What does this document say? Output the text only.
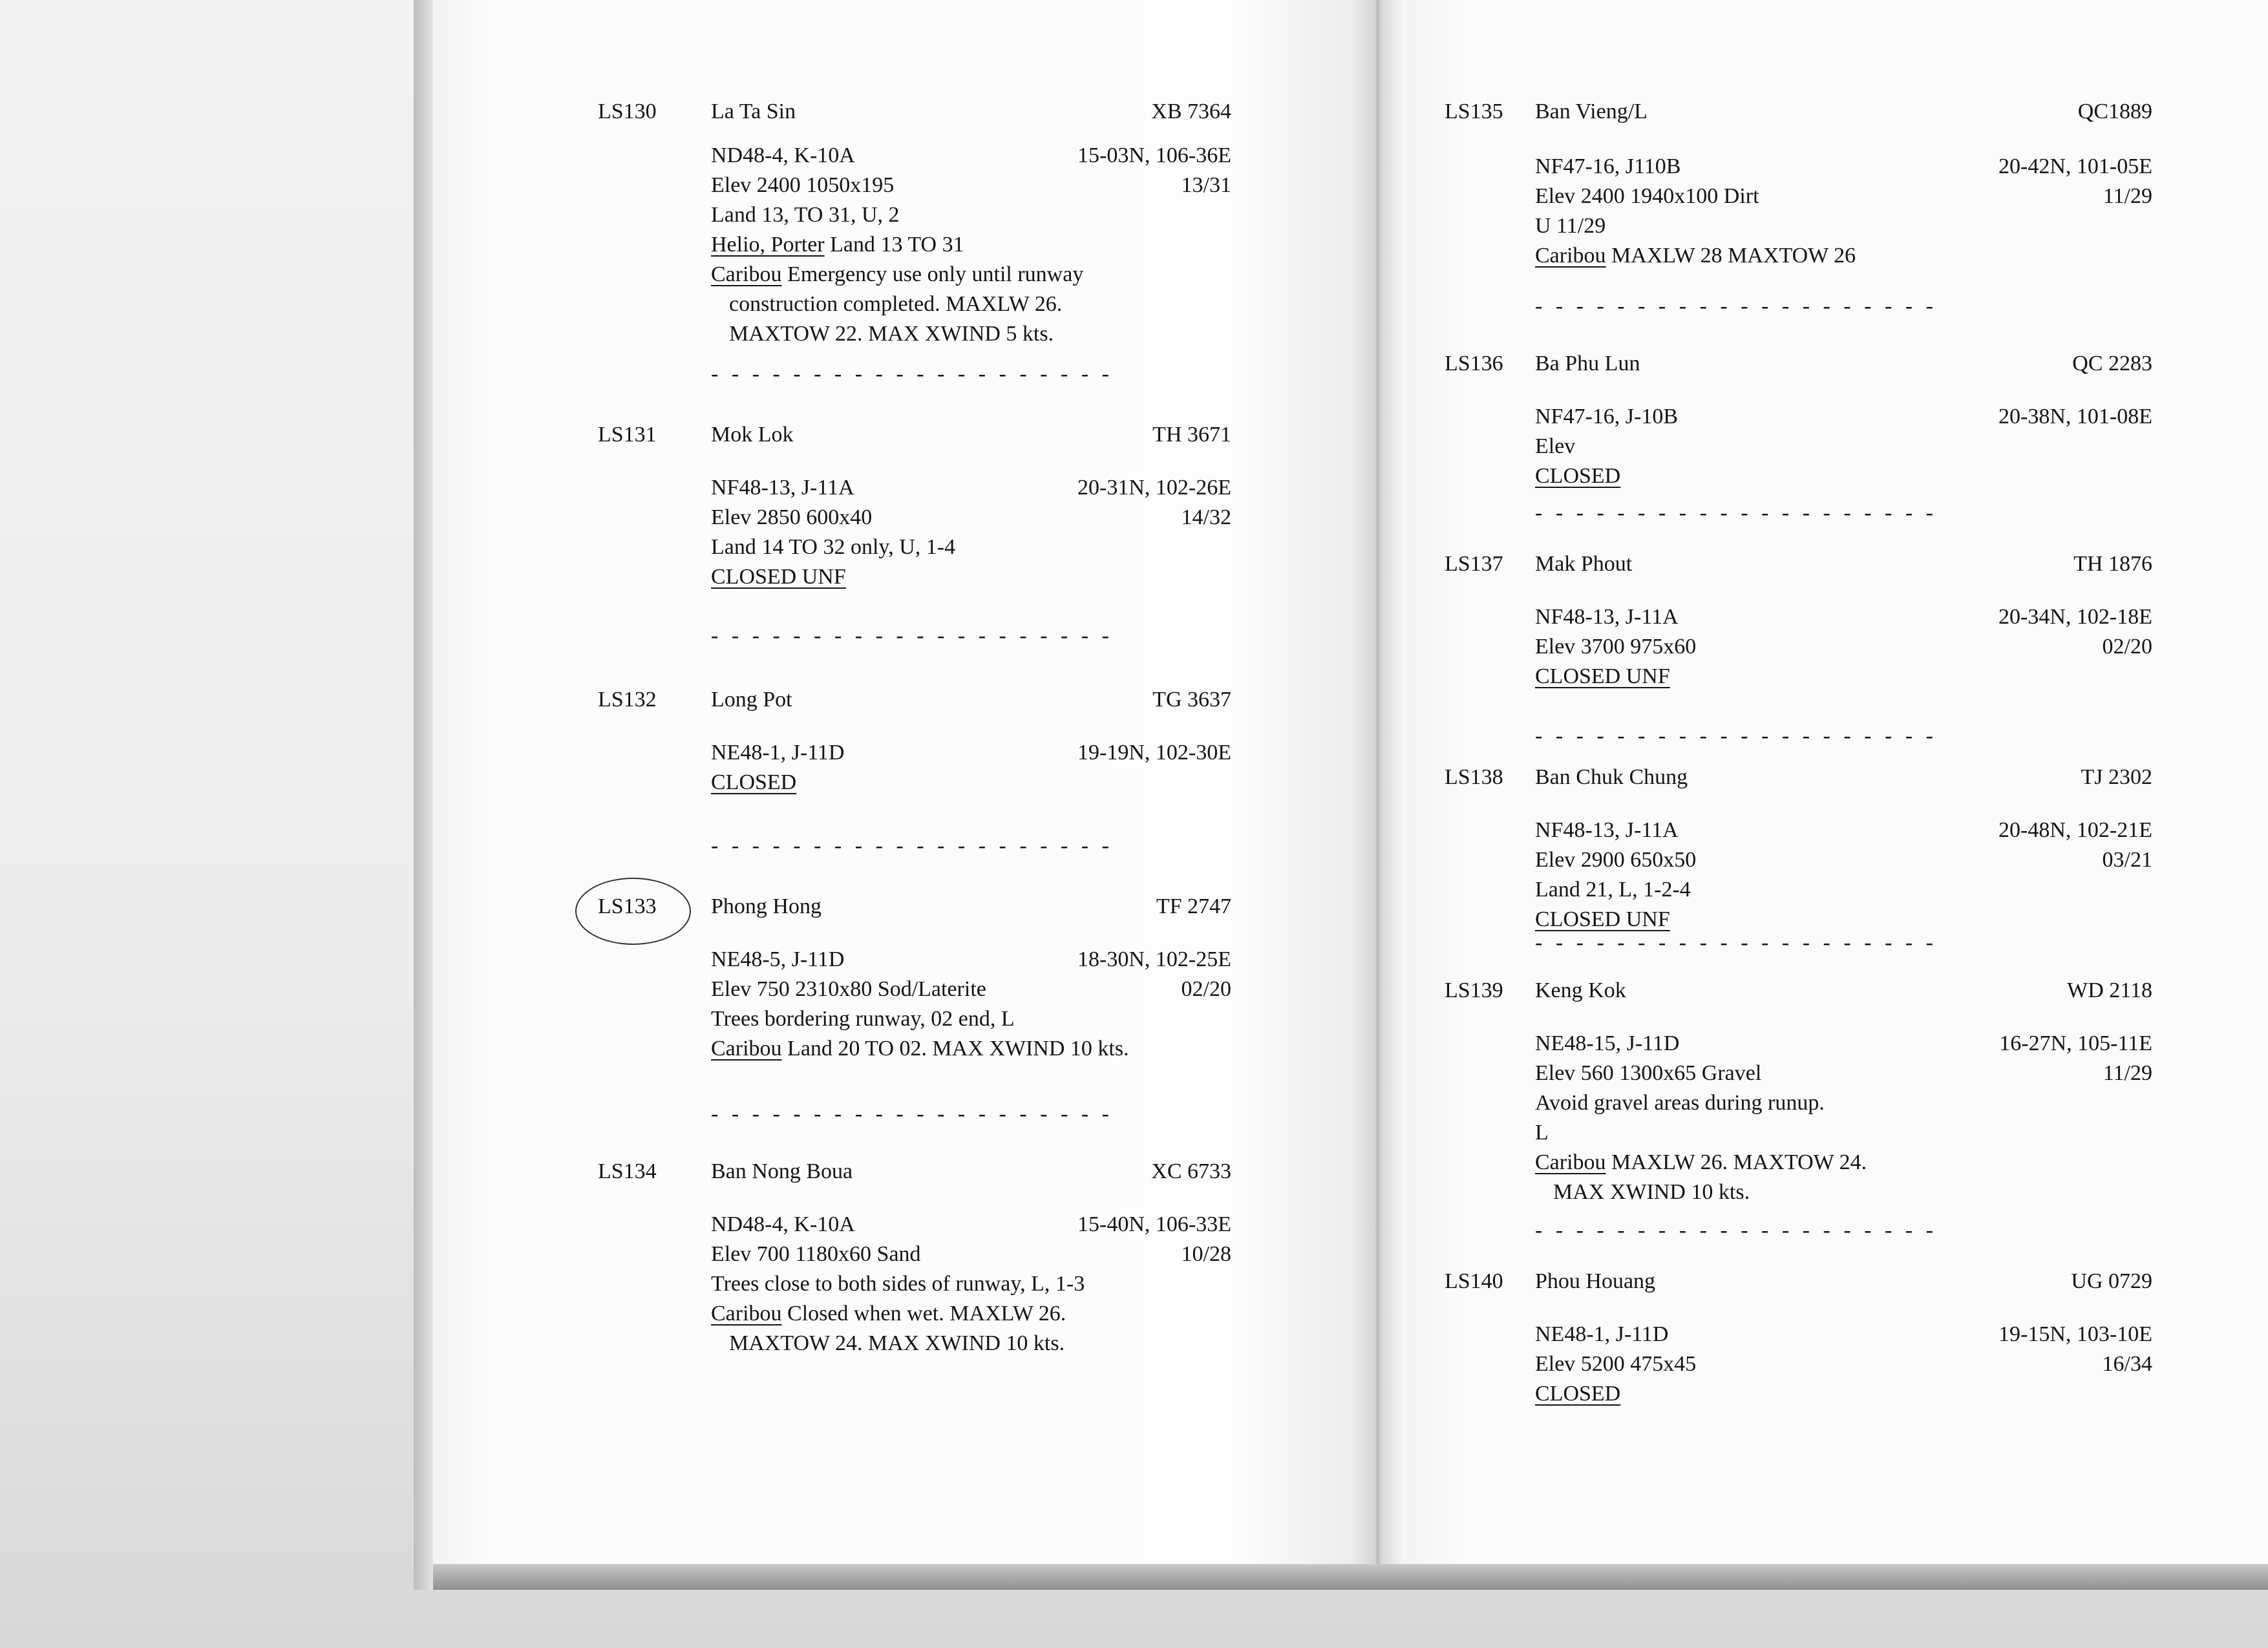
LS130 La Ta Sin	XB 7364
ND48-4, K-10A	15-03N, 106-36E
Elev 2400 1050x195	13/31
Land 13, TO 31, U, 2
Helio, Porter Land 13 TO 31
Caribou Emergency use only until runway
construction completed. MAXLW 26.
MAXTOW 22. MAX XWIND 5 kts.
LS131 Mok Lok	TH 3671
NF48-13, J-11A	20-31N, 102-26E
Elev 2850 600x40	14/32
Land 14 TO 32 only, U, 1-4
CLOSED UNF
LS132 Long Pot	TG 3637
NE48-1, J-11D	19-19N, 102-30E
CLOSED
LS133 Phong Hong	TF 2747
NE48-5, J-11D	18-30N, 102-25E
Elev 750 2310x80 Sod/Laterite	02/20
Trees bordering runway, 02 end, L
Caribou Land 20 TO 02. MAX XWIND 10 kts.
LS134 Ban Nong Boua	XC 6733
ND48-4, K-10A	15-40N, 106-33E
Elev 700 1180x60 Sand	10/28
Trees close to both sides of runway, L, 1-3
Caribou Closed when wet. MAXLW 26.
MAXTOW 24. MAX XWIND 10 kts.
- - - - - - - - - - - - - - - - - - - -
- - - - - - - - - - - - - - - - - - - -
- - - - - - - - - - - - - - - - - - - -
- - - - - - - - - - - - - - - - - - - -
LS135 Ban Vieng/L	QC1889
NF47-16, J110B	20-42N, 101-05E
Elev 2400 1940x100 Dirt	11/29
U 11/29
Caribou MAXLW 28 MAXTOW 26
LS136 Ba Phu Lun	QC 2283
NF47-16, J-10B	20-38N, 101-08E
Elev
CLOSED
LS137 Mak Phout	TH 1876
NF48-13, J-11A	20-34N, 102-18E
Elev 3700 975x60	02/20
CLOSED UNF
LS138 Ban Chuk Chung	TJ 2302
NF48-13, J-11A	20-48N, 102-21E
Elev 2900 650x50	03/21
Land 21, L, 1-2-4
CLOSED UNF
LS139 Keng Kok	WD 2118
NE48-15, J-11D	16-27N, 105-11E
Elev 560 1300x65 Gravel	11/29
Avoid gravel areas during runup.
L
Caribou MAXLW 26. MAXTOW 24.
MAX XWIND 10 kts.
LS140 Phou Houang	UG 0729
NE48-1, J-11D	19-15N, 103-10E
Elev 5200 475x45	16/34
CLOSED
- - - - - - - - - - - - - - - - - - - -
- - - - - - - - - - - - - - - - - - - -
- - - - - - - - - - - - - - - - - - - -
- - - - - - - - - - - - - - - - - - - -
- - - - - - - - - - - - - - - - - - - -
